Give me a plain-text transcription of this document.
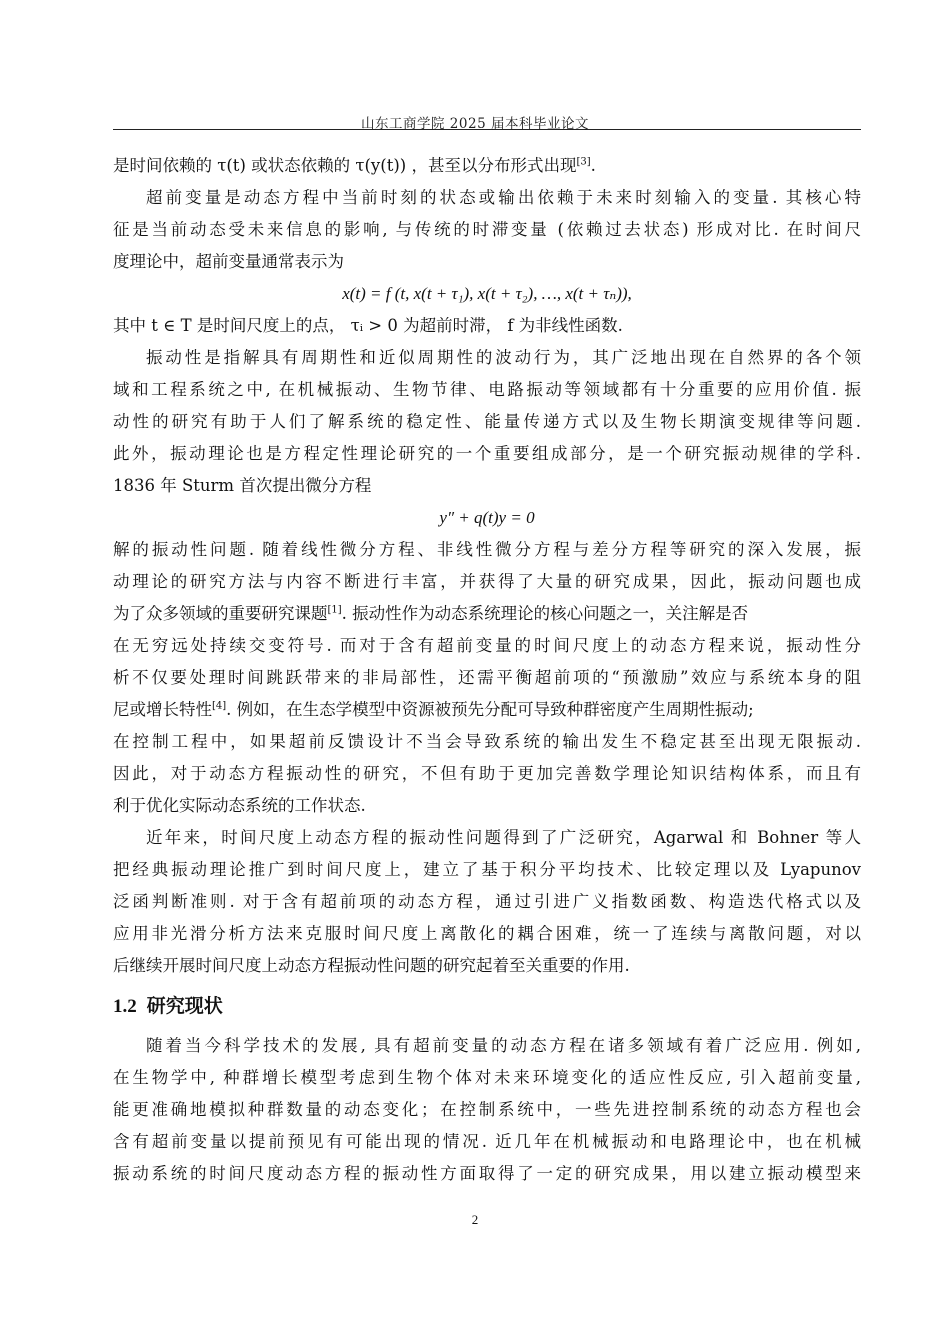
山东工商学院 2025 届本科毕业论文
是时间依赖的 τ(t) 或状态依赖的 τ(y(t)) ，甚至以分布形式出现[3].
超前变量是动态方程中当前时刻的状态或输出依赖于未来时刻输入的变量. 其核心特
征是当前动态受未来信息的影响, 与传统的时滞变量 (依赖过去状态) 形成对比. 在时间尺
度理论中，超前变量通常表示为
x(t) = f (t, x(t + τ₁), x(t + τ₂), …, x(t + τₙ)),
其中 t ∈ T 是时间尺度上的点， τᵢ > 0 为超前时滞， f 为非线性函数.
振动性是指解具有周期性和近似周期性的波动行为，其广泛地出现在自然界的各个领
域和工程系统之中, 在机械振动、生物节律、电路振动等领域都有十分重要的应用价值. 振
动性的研究有助于人们了解系统的稳定性、能量传递方式以及生物长期演变规律等问题.
此外，振动理论也是方程定性理论研究的一个重要组成部分，是一个研究振动规律的学科.
1836 年 Sturm 首次提出微分方程
y″ + q(t)y = 0
解的振动性问题. 随着线性微分方程、非线性微分方程与差分方程等研究的深入发展，振
动理论的研究方法与内容不断进行丰富，并获得了大量的研究成果，因此，振动问题也成
为了众多领域的重要研究课题[1]. 振动性作为动态系统理论的核心问题之一，关注解是否
在无穷远处持续交变符号. 而对于含有超前变量的时间尺度上的动态方程来说，振动性分
析不仅要处理时间跳跃带来的非局部性，还需平衡超前项的“预激励”效应与系统本身的阻
尼或增长特性[4]. 例如，在生态学模型中资源被预先分配可导致种群密度产生周期性振动;
在控制工程中，如果超前反馈设计不当会导致系统的输出发生不稳定甚至出现无限振动.
因此，对于动态方程振动性的研究，不但有助于更加完善数学理论知识结构体系，而且有
利于优化实际动态系统的工作状态.
近年来，时间尺度上动态方程的振动性问题得到了广泛研究，Agarwal 和 Bohner 等人
把经典振动理论推广到时间尺度上，建立了基于积分平均技术、比较定理以及 Lyapunov
泛函判断准则. 对于含有超前项的动态方程，通过引进广义指数函数、构造迭代格式以及
应用非光滑分析方法来克服时间尺度上离散化的耦合困难，统一了连续与离散问题，对以
后继续开展时间尺度上动态方程振动性问题的研究起着至关重要的作用.
1.2 研究现状
随着当今科学技术的发展, 具有超前变量的动态方程在诸多领域有着广泛应用. 例如,
在生物学中, 种群增长模型考虑到生物个体对未来环境变化的适应性反应, 引入超前变量,
能更准确地模拟种群数量的动态变化；在控制系统中，一些先进控制系统的动态方程也会
含有超前变量以提前预见有可能出现的情况. 近几年在机械振动和电路理论中，也在机械
振动系统的时间尺度动态方程的振动性方面取得了一定的研究成果，用以建立振动模型来
2
